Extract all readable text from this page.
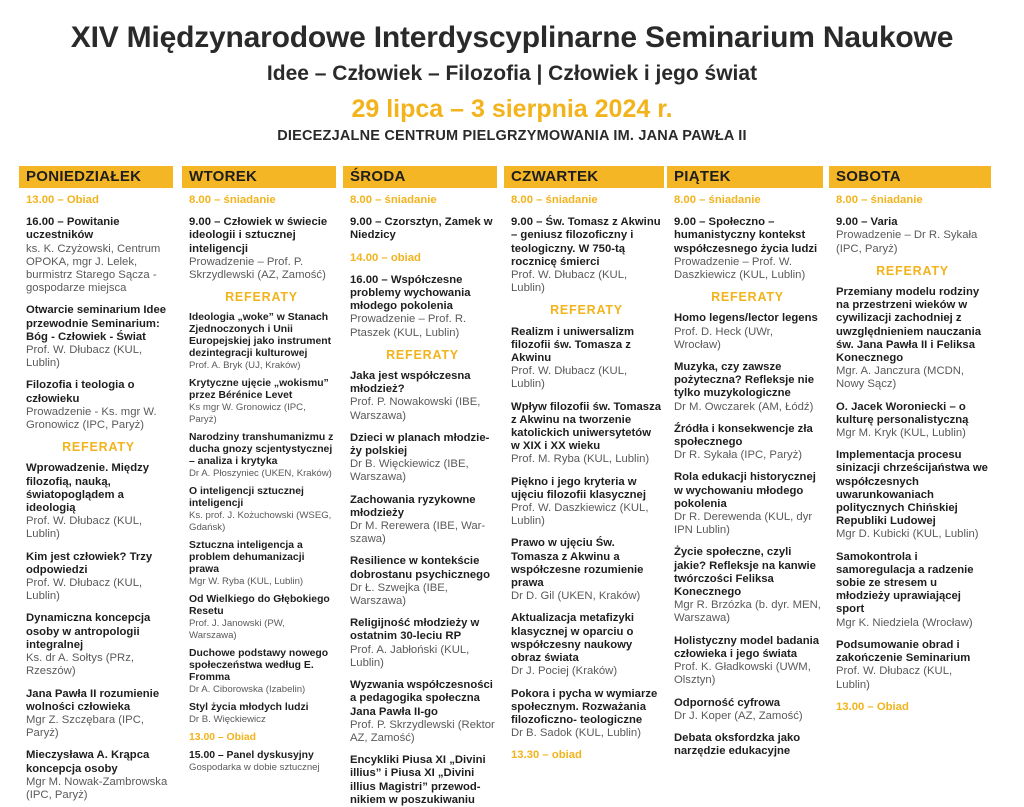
XIV Międzynarodowe Interdyscyplinarne Seminarium Naukowe
Idee – Człowiek – Filozofia | Człowiek i jego świat
29 lipca – 3 sierpnia 2024 r.
DIECEZJALNE CENTRUM PIELGRZYMOWANIA IM. JANA PAWŁA II
PONIEDZIAŁEK
13.00 – Obiad
16.00 – Powitanie uczestników
ks. K. Czyżowski, Centrum OPOKA, mgr J. Lelek, burmistrz Starego Sącza - gospodarze miejsca
Otwarcie seminarium Idee przewodnie Seminarium: Bóg - Człowiek - Świat
Prof. W. Dłubacz (KUL, Lublin)
Filozofia i teologia o człowieku
Prowadzenie - Ks. mgr W. Gronowicz (IPC, Paryż)
REFERATY
Wprowadzenie. Między filozofią, nauką, światopoglądem a ideologią
Prof. W. Dłubacz (KUL, Lublin)
Kim jest człowiek? Trzy odpowiedzi
Prof. W. Dłubacz (KUL, Lublin)
Dynamiczna koncepcja osoby w antropologii integralnej
Ks. dr A. Sołtys (PRz, Rzeszów)
Jana Pawła II rozumienie wolności człowieka
Mgr Z. Szczębara (IPC, Paryż)
Mieczysława A. Krąpca koncepcja osoby
Mgr M. Nowak-Zambrowska (IPC, Paryż)
WTOREK
8.00 – śniadanie
9.00 – Człowiek w świecie ideologii i sztucznej inteligencji
Prowadzenie – Prof. P. Skrzydlewski (AZ, Zamość)
REFERATY
Ideologia „woke” w Stanach Zjednoczonych i Unii Europejskiej jako instrument dezintegracji kulturowej
Prof. A. Bryk (UJ, Kraków)
Krytyczne ujęcie „wokismu” przez Bérénice Levet
Ks mgr W. Gronowicz (IPC, Paryż)
Narodziny transhumanizmu z ducha gnozy scjentystycznej – analiza i krytyka
Dr A. Płoszyniec (UKEN, Kraków)
O inteligencji sztucznej inteligencji
Ks. prof. J. Kożuchowski (WSEG, Gdańsk)
Sztuczna inteligencja a problem dehumanizacji prawa
Mgr W. Ryba (KUL, Lublin)
Od Wielkiego do Głębokiego Resetu
Prof. J. Janowski (PW, Warszawa)
Duchowe podstawy nowego społeczeństwa według E. Fromma
Dr A. Ciborowska (Izabelin)
Styl życia młodych ludzi
Dr B. Więckiewicz
13.00 – Obiad
15.00 – Panel dyskusyjny
Gospodarka w dobie sztucznej
ŚRODA
8.00 – śniadanie
9.00 – Czorsztyn, Zamek w Niedzicy
14.00 – obiad
16.00 – Współczesne problemy wychowania młodego pokolenia
Prowadzenie – Prof. R. Ptaszek (KUL, Lublin)
REFERATY
Jaka jest współczesna młodzież?
Prof. P. Nowakowski (IBE, Warszawa)
Dzieci w planach młodzie- ży polskiej
Dr B. Więckiewicz (IBE, Warszawa)
Zachowania ryzykowne młodzieży
Dr M. Rerewera (IBE, War- szawa)
Resilience w kontekście dobrostanu psychicznego
Dr Ł. Szwejka (IBE, Warszawa)
Religijność młodzieży w ostatnim 30-leciu RP
Prof. A. Jabłoński (KUL, Lublin)
Wyzwania współczesności a pedagogika społeczna Jana Pawła II-go
Prof. P. Skrzydlewski (Rektor AZ, Zamość)
Encykliki Piusa XI „Divini illius” i Piusa XI „Divini illius Magistri” przewod- nikiem w poszukiwaniu
CZWARTEK
8.00 – śniadanie
9.00 – Św. Tomasz z Akwinu – geniusz filozoficzny i teologiczny. W 750-tą rocznicę śmierci
Prof. W. Dłubacz (KUL, Lublin)
REFERATY
Realizm i uniwersalizm filozofii św. Tomasza z Akwinu
Prof. W. Dłubacz (KUL, Lublin)
Wpływ filozofii św. Tomasza z Akwinu na tworzenie katolickich uniwersytetów w XIX i XX wieku
Prof. M. Ryba (KUL, Lublin)
Piękno i jego kryteria w ujęciu filozofii klasycznej
Prof. W. Daszkiewicz (KUL, Lublin)
Prawo w ujęciu Św. Tomasza z Akwinu a współczesne rozumienie prawa
Dr D. Gil (UKEN, Kraków)
Aktualizacja metafizyki klasycznej w oparciu o współczesny naukowy obraz świata
Dr J. Pociej (Kraków)
Pokora i pycha w wymiarze społecznym. Rozważania filozoficzno- teologiczne
Dr B. Sadok (KUL, Lublin)
13.30 – obiad
PIĄTEK
8.00 – śniadanie
9.00 – Społeczno – humanistyczny kontekst współczesnego życia ludzi
Prowadzenie – Prof. W. Daszkiewicz (KUL, Lublin)
REFERATY
Homo legens/lector legens
Prof. D. Heck (UWr, Wrocław)
Muzyka, czy zawsze pożyteczna? Refleksje nie tylko muzykologiczne
Dr M. Owczarek (AM, Łódź)
Źródła i konsekwencje zła społecznego
Dr R. Sykała (IPC, Paryż)
Rola edukacji historycznej w wychowaniu młodego pokolenia
Dr R. Derewenda (KUL, dyr IPN Lublin)
Życie społeczne, czyli jakie? Refleksje na kanwie twórczości Feliksa Konecznego
Mgr R. Brzózka (b. dyr. MEN, Warszawa)
Holistyczny model badania człowieka i jego świata
Prof. K. Gładkowski (UWM, Olsztyn)
Odporność cyfrowa
Dr J. Koper (AZ, Zamość)
Debata oksfordzka jako narzędzie edukacyjne
SOBOTA
8.00 – śniadanie
9.00 – Varia
Prowadzenie – Dr R. Sykała (IPC, Paryż)
REFERATY
Przemiany modelu rodziny na przestrzeni wieków w cywilizacji zachodniej z uwzględnieniem nauczania św. Jana Pawła II i Feliksa Konecznego
Mgr. A. Janczura (MCDN, Nowy Sącz)
O. Jacek Woroniecki – o kulturę personalistyczną
Mgr M. Kryk (KUL, Lublin)
Implementacja procesu sinizacji chrześcijaństwa we współczesnych uwarunkowaniach politycznych Chińskiej Republiki Ludowej
Mgr D. Kubicki (KUL, Lublin)
Samokontrola i samoregulacja a radzenie sobie ze stresem u młodzieży uprawiającej sport
Mgr K. Niedziela (Wrocław)
Podsumowanie obrad i zakończenie Seminarium
Prof. W. Dłubacz (KUL, Lublin)
13.00 – Obiad
